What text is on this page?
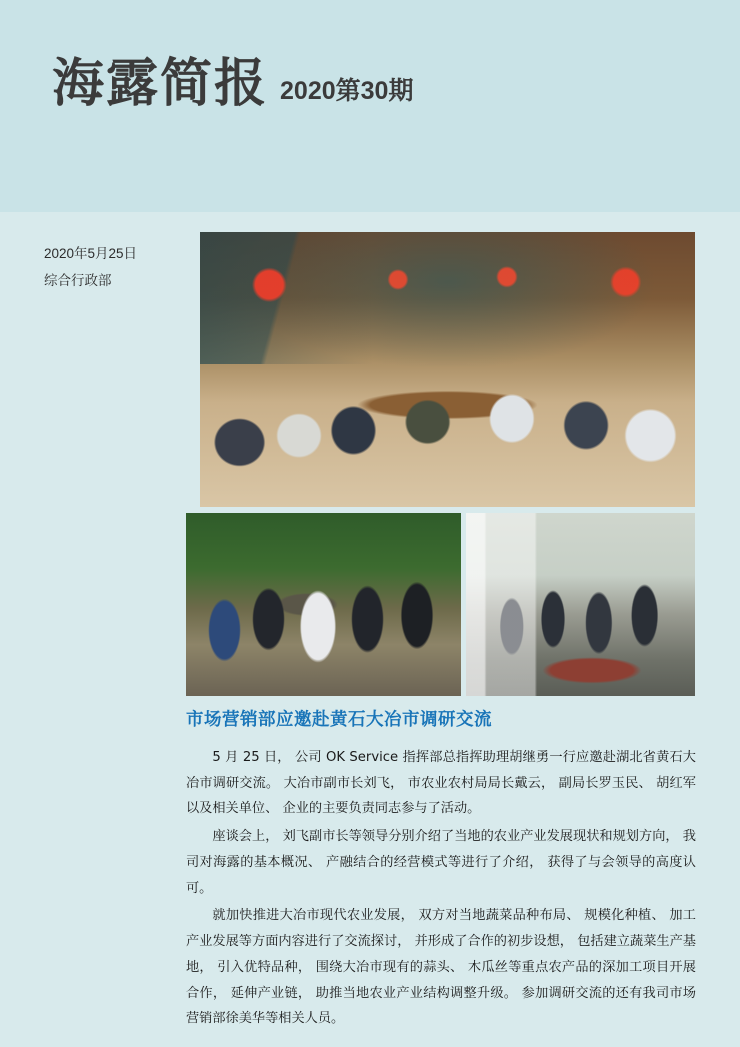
海露简报 2020第30期
2020年5月25日
综合行政部
市场营销部应邀赴黄石大冶市调研交流

5 月 25 日， 公司 OK Service 指挥部总指挥助理胡继勇一行应邀赴湖北省黄石大冶市调研交流。 大冶市副市长刘飞， 市农业农村局局长戴云， 副局长罗玉民、 胡红军以及相关单位、 企业的主要负责同志参与了活动。

座谈会上， 刘飞副市长等领导分别介绍了当地的农业产业发展现状和规划方向， 我司对海露的基本概况、 产融结合的经营模式等进行了介绍， 获得了与会领导的高度认可。

就加快推进大冶市现代农业发展， 双方对当地蔬菜品种布局、 规模化种植、 加工产业发展等方面内容进行了交流探讨， 并形成了合作的初步设想， 包括建立蔬菜生产基地， 引入优特品种， 围绕大冶市现有的蒜头、 木瓜丝等重点农产品的深加工项目开展合作， 延伸产业链， 助推当地农业产业结构调整升级。 参加调研交流的还有我司市场营销部徐美华等相关人员。
